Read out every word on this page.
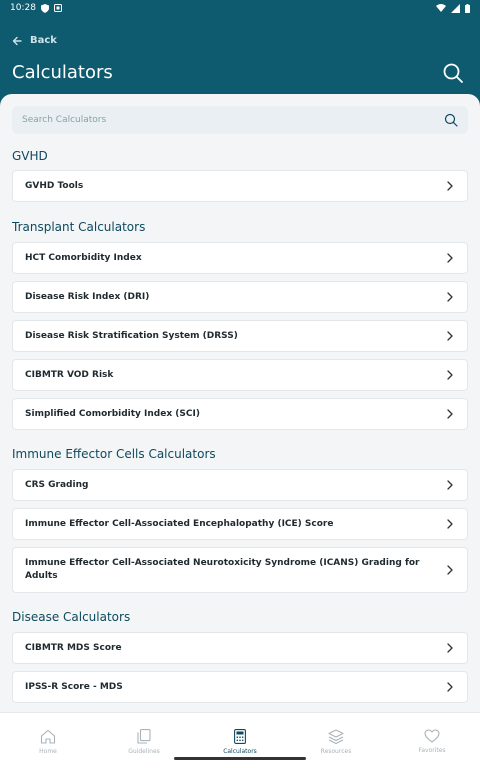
10:28
Back
Calculators
Search Calculators
GVHD
GVHD Tools
Transplant Calculators
HCT Comorbidity Index
Disease Risk Index (DRI)
Disease Risk Stratification System (DRSS)
CIBMTR VOD Risk
Simplified Comorbidity Index (SCI)
Immune Effector Cells Calculators
CRS Grading
Immune Effector Cell-Associated Encephalopathy (ICE) Score
Immune Effector Cell-Associated Neurotoxicity Syndrome (ICANS) Grading for Adults
Disease Calculators
CIBMTR MDS Score
IPSS-R Score - MDS
Home	Guidelines	Calculators	Resources	Favorites
